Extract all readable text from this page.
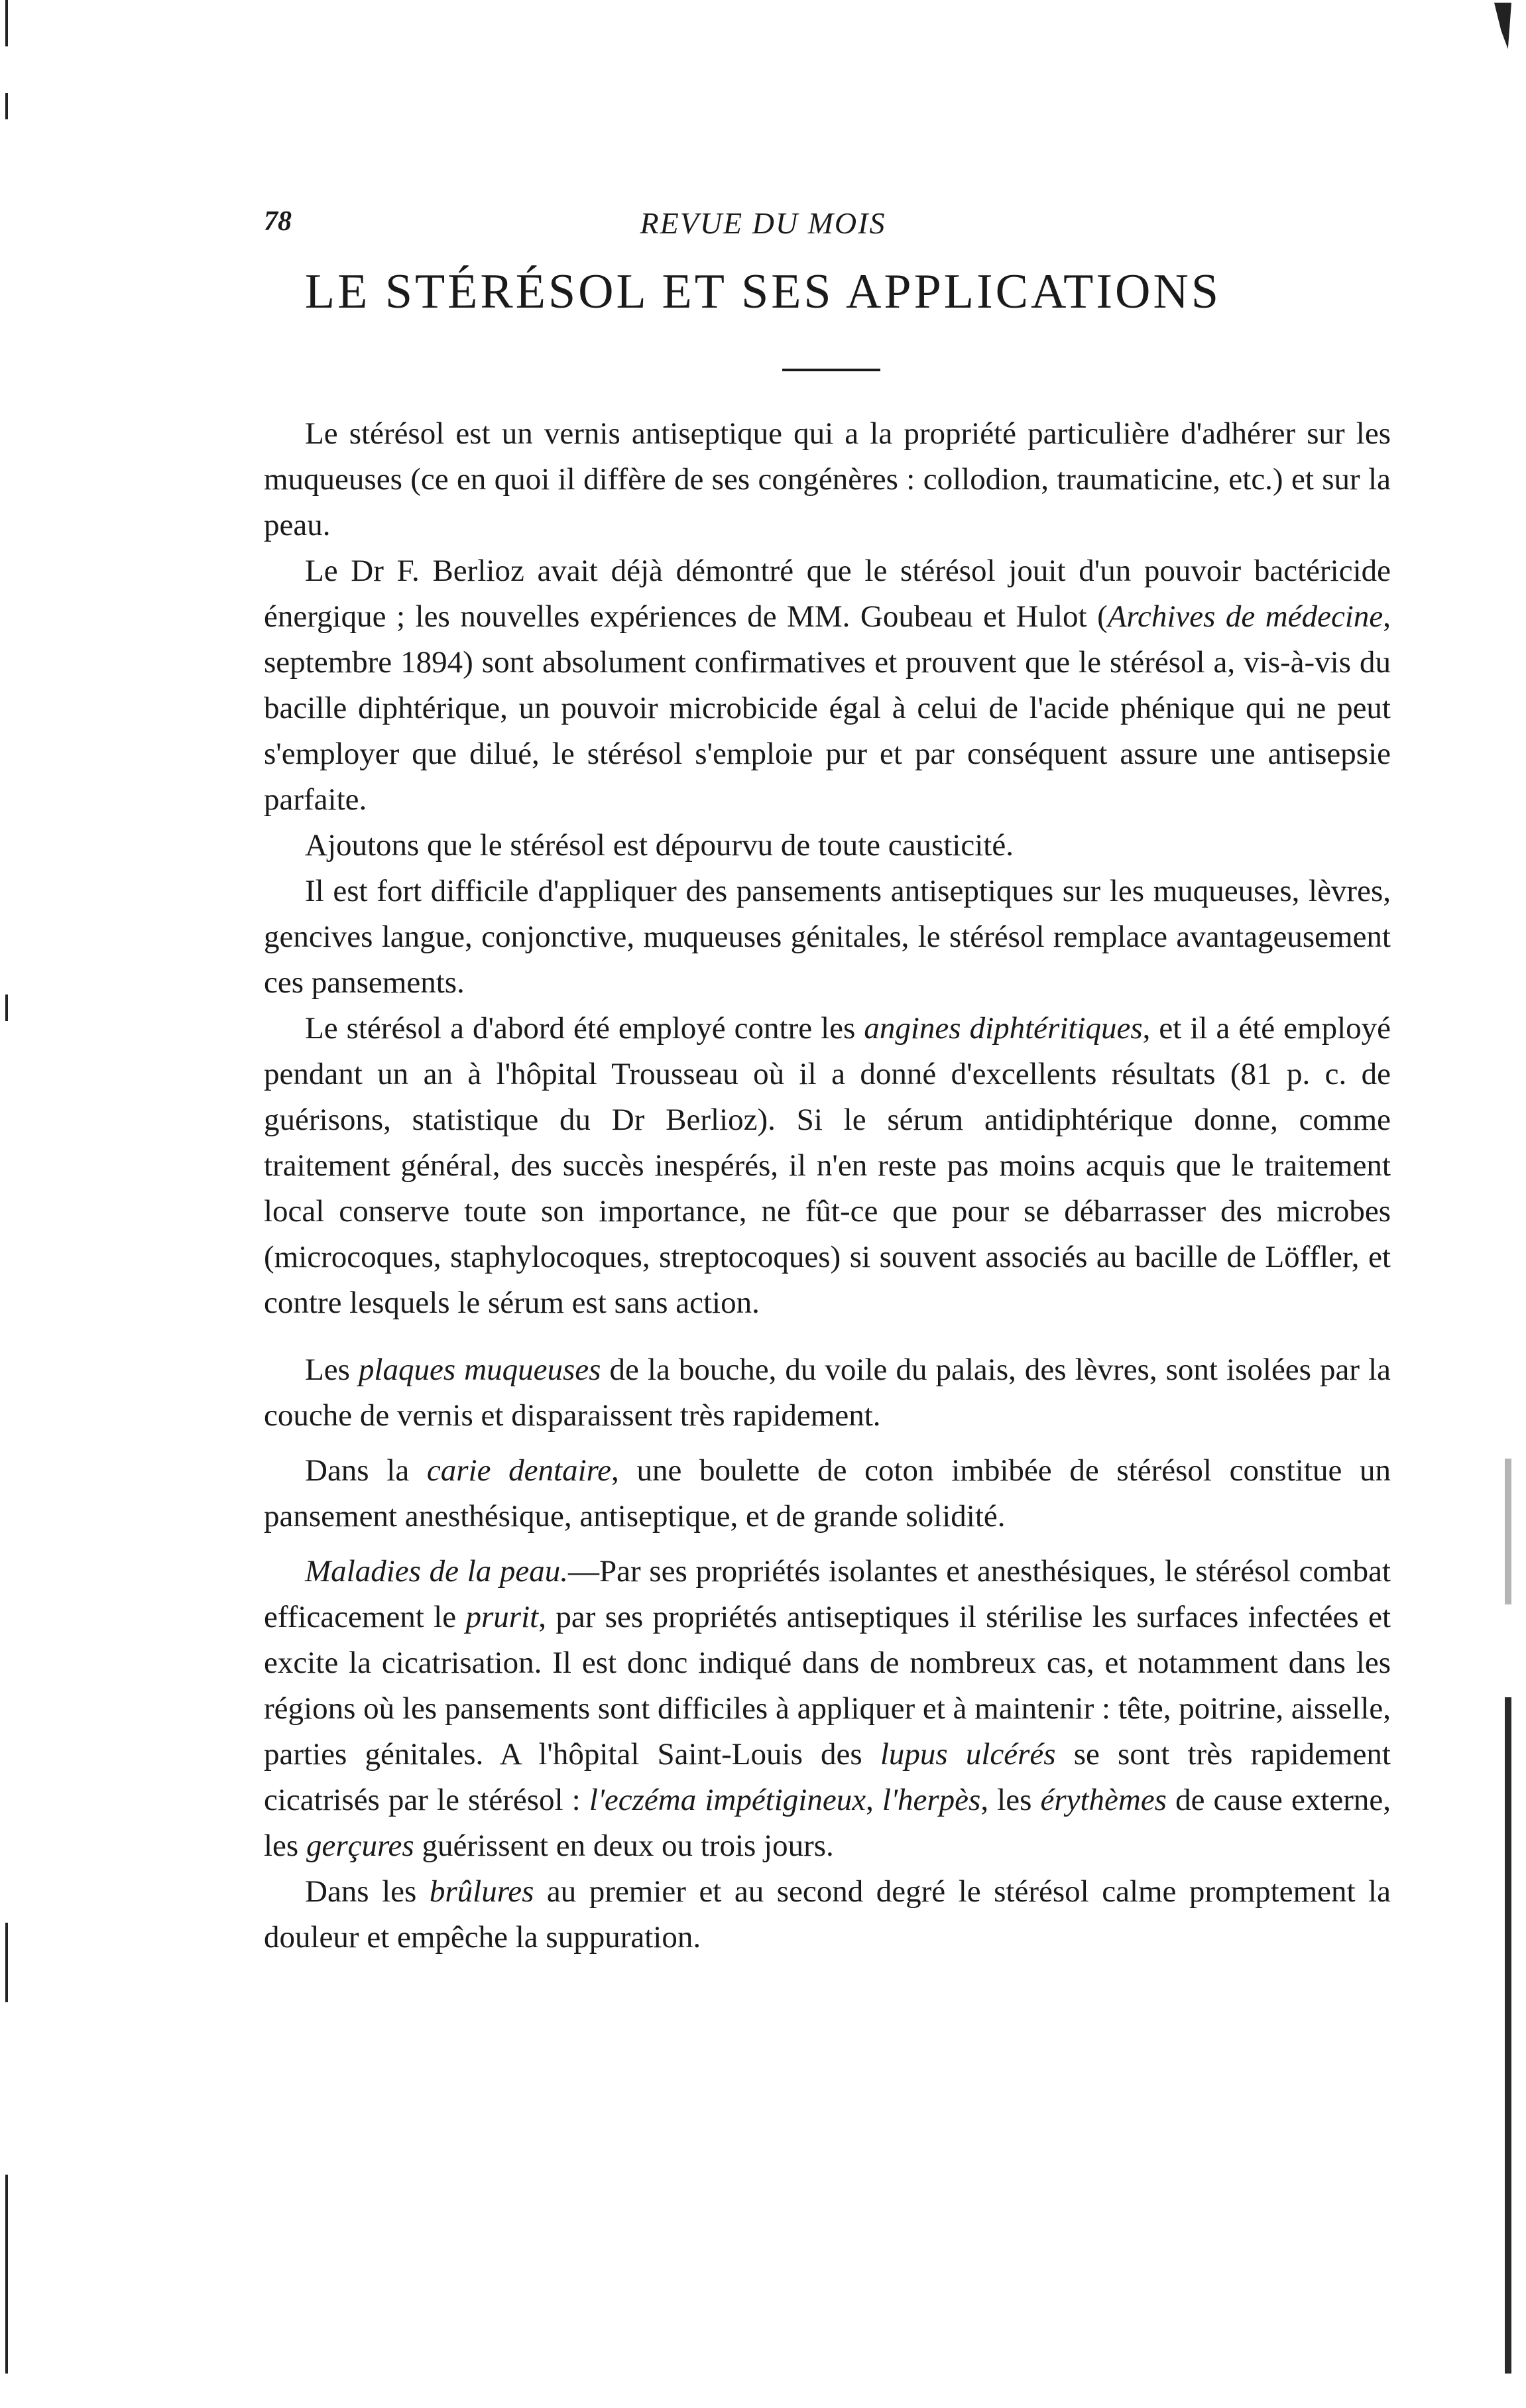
78	REVUE DU MOIS
LE STÉRÉSOL ET SES APPLICATIONS

Le stérésol est un vernis antiseptique qui a la propriété particulière d'adhérer sur les muqueuses (ce en quoi il diffère de ses congénères : collodion, traumaticine, etc.) et sur la peau.

Le Dr F. Berlioz avait déjà démontré que le stérésol jouit d'un pouvoir bactéricide énergique ; les nouvelles expériences de MM. Goubeau et Hulot (Archives de médecine, septembre 1894) sont absolument confirmatives et prouvent que le stérésol a, vis-à-vis du bacille diphtérique, un pouvoir microbicide égal à celui de l'acide phénique qui ne peut s'employer que dilué, le stérésol s'emploie pur et par conséquent assure une antisepsie parfaite.

Ajoutons que le stérésol est dépourvu de toute causticité.

Il est fort difficile d'appliquer des pansements antiseptiques sur les muqueuses, lèvres, gencives langue, conjonctive, muqueuses génitales, le stérésol remplace avantageusement ces pansements.

Le stérésol a d'abord été employé contre les angines diphtéritiques, et il a été employé pendant un an à l'hôpital Trousseau où il a donné d'excellents résultats (81 p. c. de guérisons, statistique du Dr Berlioz). Si le sérum antidiphtérique donne, comme traitement général, des succès inespérés, il n'en reste pas moins acquis que le traitement local conserve toute son importance, ne fût-ce que pour se débarrasser des microbes (microcoques, staphylocoques, streptocoques) si souvent associés au bacille de Löffler, et contre lesquels le sérum est sans action.

Les plaques muqueuses de la bouche, du voile du palais, des lèvres, sont isolées par la couche de vernis et disparaissent très rapidement.

Dans la carie dentaire, une boulette de coton imbibée de stérésol constitue un pansement anesthésique, antiseptique, et de grande solidité.

Maladies de la peau.—Par ses propriétés isolantes et anesthésiques, le stérésol combat efficacement le prurit, par ses propriétés antiseptiques il stérilise les surfaces infectées et excite la cicatrisation. Il est donc indiqué dans de nombreux cas, et notamment dans les régions où les pansements sont difficiles à appliquer et à maintenir : tête, poitrine, aisselle, parties génitales. A l'hôpital Saint-Louis des lupus ulcérés se sont très rapidement cicatrisés par le stérésol : l'eczéma impétigineux, l'herpès, les érythèmes de cause externe, les gerçures guérissent en deux ou trois jours.

Dans les brûlures au premier et au second degré le stérésol calme promptement la douleur et empêche la suppuration.
